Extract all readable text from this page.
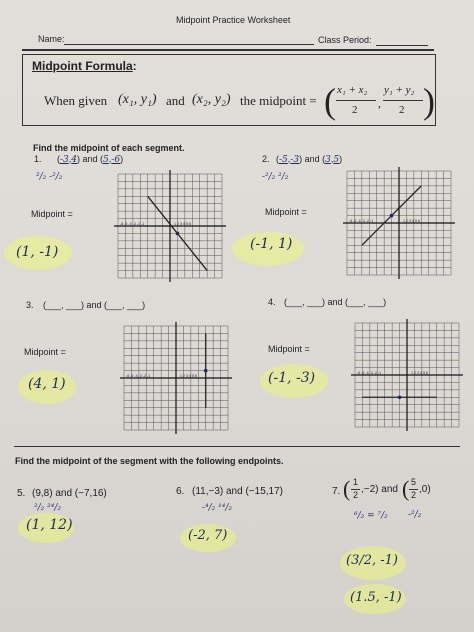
Midpoint Practice Worksheet
Name:	Class Period:
Midpoint Formula:
When given (x₁, y₁) and (x₂, y₂) the midpoint = ( x₁ + x₂
2 ,
y₁ + y₂
2 )
Find the midpoint of each segment.
1. (-3,4) and (5,-6)
²/₂ -²/₂
Midpoint =
(1, -1)
2. (-5,-3) and (3,5)
-²/₂ ²/₂
Midpoint =
(-1, 1)
3. (___, ___) and (___, ___)
Midpoint =
(4, 1)
4. (___, ___) and (___, ___)
Midpoint =
(-1, -3)
-6 -5 -4 -3 -2 -1	1 2 3 4 5 6
-6 -5 -4 -3 -2 -1	1 2 3 4 5 6
-6 -5 -4 -3 -2 -1	1 2 3 4 5 6
-6 -5 -4 -3 -2 -1	1 2 3 4 5 6
Find the midpoint of the segment with the following endpoints.
5. (9,8) and (−7,16)
²/₂ ²⁴/₂
(1, 12)
6. (11,−3) and (−15,17)
-⁴/₂ ¹⁴/₂
(-2, 7)
7. ( 1
2 ,−2) and ( 5
2 ,0)
⁶/₂ = ⁷/₂ -²/₂
(3/2, -1)
(1.5, -1)
